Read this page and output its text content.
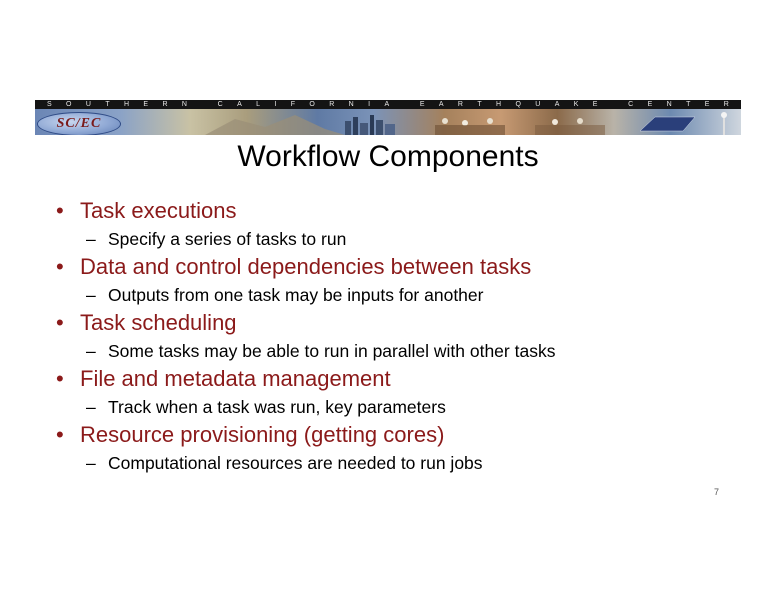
S O U T H E R N
	C A L I F O R N I A
	E A R T H Q U A K E
	C E N T E R
SC/EC
Workflow Components
• Task executions
– Specify a series of tasks to run
• Data and control dependencies between tasks
– Outputs from one task may be inputs for another
• Task scheduling
– Some tasks may be able to run in parallel with other tasks
• File and metadata management
– Track when a task was run, key parameters
• Resource provisioning (getting cores)
– Computational resources are needed to run jobs
7
